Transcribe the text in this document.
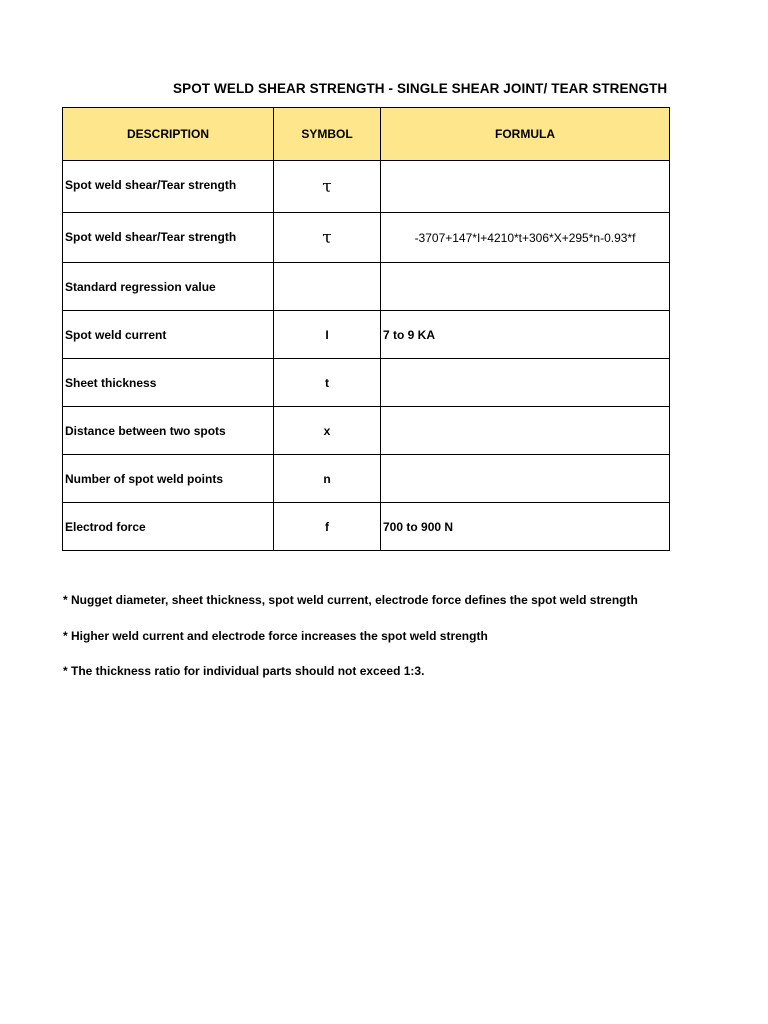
SPOT WELD SHEAR STRENGTH - SINGLE SHEAR JOINT/ TEAR STRENGTH
DESCRIPTION	SYMBOL	FORMULA
Spot weld shear/Tear strength	τ	
Spot weld shear/Tear strength	τ	-3707+147*I+4210*t+306*X+295*n-0.93*f
Standard regression value		
Spot weld current	I	7 to 9 KA
Sheet thickness	t	
Distance between two spots	x	
Number of spot weld points	n	
Electrod force	f	700 to 900 N
* Nugget diameter, sheet thickness, spot weld current, electrode force defines the spot weld strength
* Higher weld current and electrode force increases the spot weld strength
* The thickness ratio for individual parts should not exceed 1:3.
